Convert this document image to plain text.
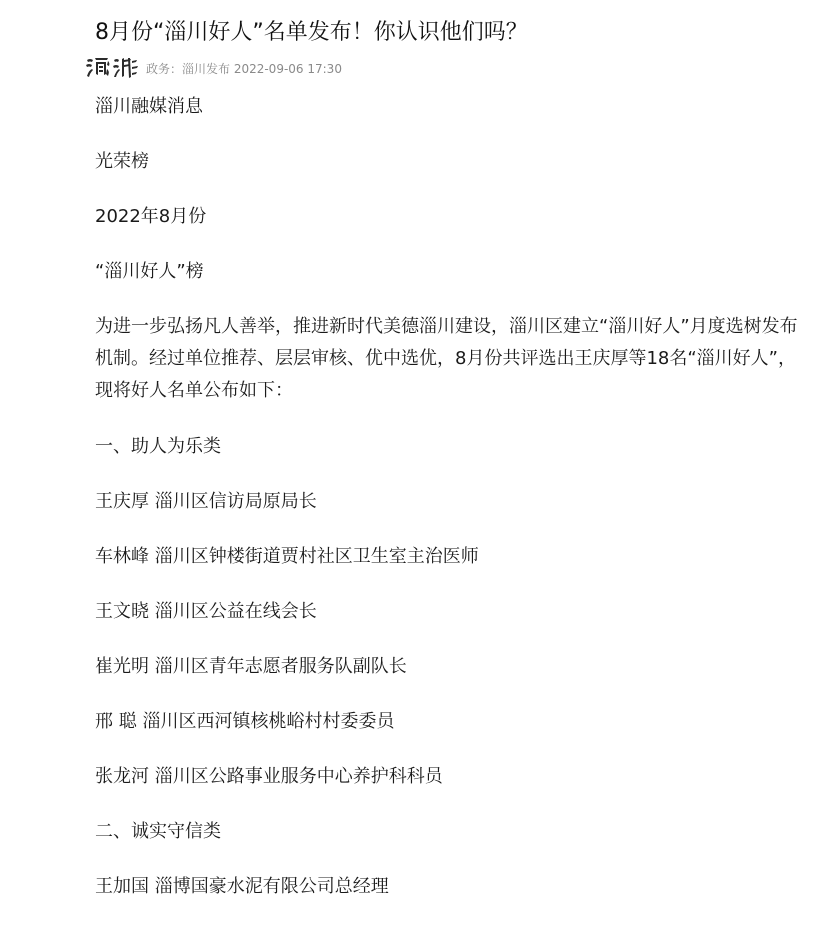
8月份“淄川好人”名单发布！你认识他们吗？
政务：淄川发布 2022-09-06 17:30

淄川融媒消息

光荣榜

2022年8月份

“淄川好人”榜

为进一步弘扬凡人善举，推进新时代美德淄川建设，淄川区建立“淄川好人”月度选树发布机制。经过单位推荐、层层审核、优中选优，8月份共评选出王庆厚等18名“淄川好人”，现将好人名单公布如下：

一、助人为乐类

王庆厚 淄川区信访局原局长

车林峰 淄川区钟楼街道贾村社区卫生室主治医师

王文晓 淄川区公益在线会长

崔光明 淄川区青年志愿者服务队副队长

邢 聪 淄川区西河镇核桃峪村村委委员

张龙河 淄川区公路事业服务中心养护科科员

二、诚实守信类

王加国 淄博国豪水泥有限公司总经理
